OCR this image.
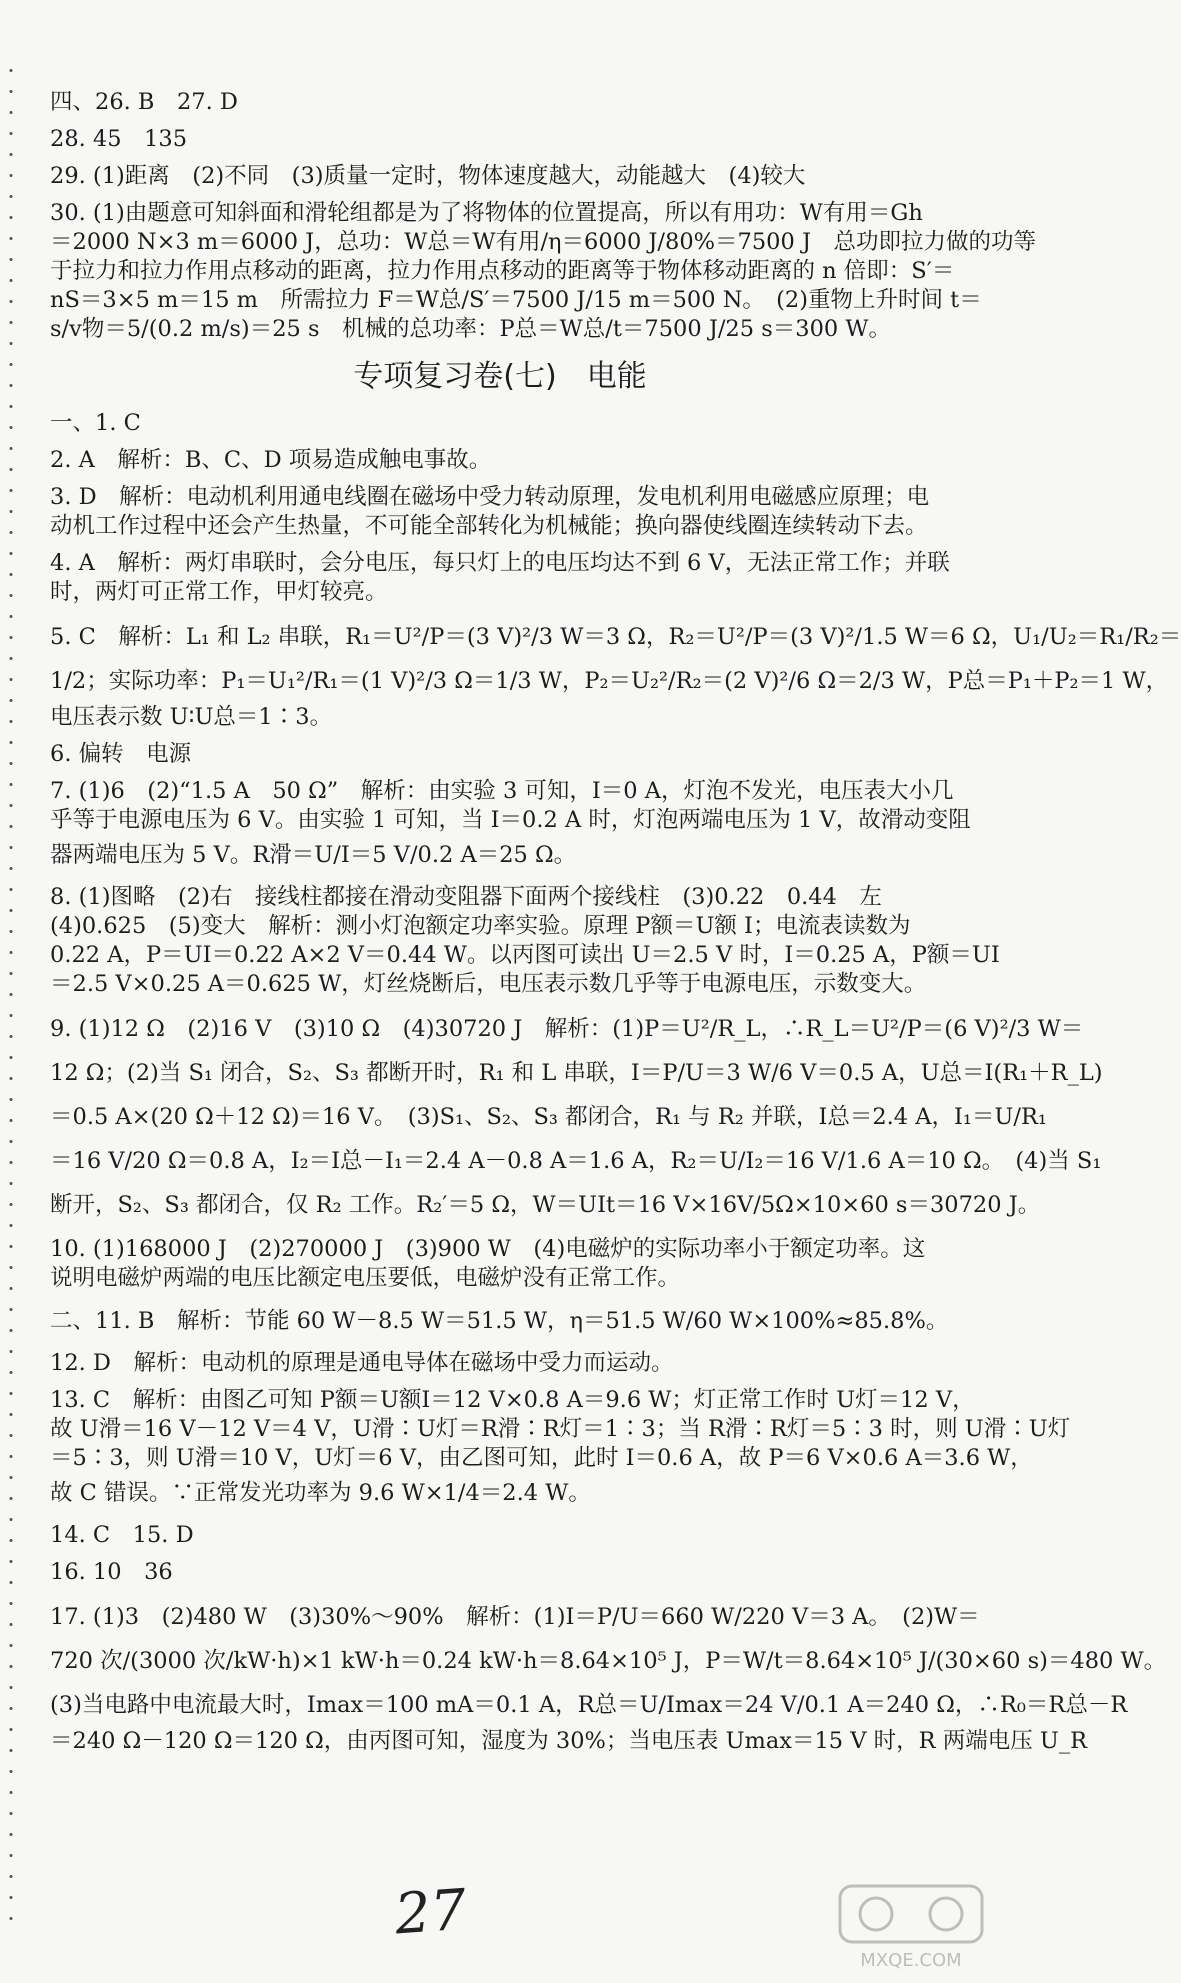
四、26. B　27. D
28. 45　135
29. (1)距离　(2)不同　(3)质量一定时，物体速度越大，动能越大　(4)较大
30. (1)由题意可知斜面和滑轮组都是为了将物体的位置提高，所以有用功：W有用＝Gh
＝2000 N×3 m＝6000 J，总功：W总＝W有用/η＝6000 J/80%＝7500 J　总功即拉力做的功等
于拉力和拉力作用点移动的距离，拉力作用点移动的距离等于物体移动距离的 n 倍即：S′＝
nS＝3×5 m＝15 m　所需拉力 F＝W总/S′＝7500 J/15 m＝500 N。　(2)重物上升时间 t＝
s/v物＝5/(0.2 m/s)＝25 s　机械的总功率：P总＝W总/t＝7500 J/25 s＝300 W。
专项复习卷(七)　电能
一、1. C
2. A　解析：B、C、D 项易造成触电事故。
3. D　解析：电动机利用通电线圈在磁场中受力转动原理，发电机利用电磁感应原理；电
动机工作过程中还会产生热量，不可能全部转化为机械能；换向器使线圈连续转动下去。
4. A　解析：两灯串联时，会分电压，每只灯上的电压均达不到 6 V，无法正常工作；并联
时，两灯可正常工作，甲灯较亮。
5. C　解析：L₁ 和 L₂ 串联，R₁＝U²/P＝(3 V)²/3 W＝3 Ω，R₂＝U²/P＝(3 V)²/1.5 W＝6 Ω，U₁/U₂＝R₁/R₂＝
1/2；实际功率：P₁＝U₁²/R₁＝(1 V)²/3 Ω＝1/3 W，P₂＝U₂²/R₂＝(2 V)²/6 Ω＝2/3 W，P总＝P₁＋P₂＝1 W，
电压表示数 U∶U总＝1∶3。
6. 偏转　电源
7. (1)6　(2)“1.5 A　50 Ω”　解析：由实验 3 可知，I＝0 A，灯泡不发光，电压表大小几
乎等于电源电压为 6 V。由实验 1 可知，当 I＝0.2 A 时，灯泡两端电压为 1 V，故滑动变阻
器两端电压为 5 V。R滑＝U/I＝5 V/0.2 A＝25 Ω。
8. (1)图略　(2)右　接线柱都接在滑动变阻器下面两个接线柱　(3)0.22　0.44　左
(4)0.625　(5)变大　解析：测小灯泡额定功率实验。原理 P额＝U额 I；电流表读数为
0.22 A，P＝UI＝0.22 A×2 V＝0.44 W。以丙图可读出 U＝2.5 V 时，I＝0.25 A，P额＝UI
＝2.5 V×0.25 A＝0.625 W，灯丝烧断后，电压表示数几乎等于电源电压，示数变大。
9. (1)12 Ω　(2)16 V　(3)10 Ω　(4)30720 J　解析：(1)P＝U²/R_L，∴R_L＝U²/P＝(6 V)²/3 W＝
12 Ω；(2)当 S₁ 闭合，S₂、S₃ 都断开时，R₁ 和 L 串联，I＝P/U＝3 W/6 V＝0.5 A，U总＝I(R₁＋R_L)
＝0.5 A×(20 Ω＋12 Ω)＝16 V。　(3)S₁、S₂、S₃ 都闭合，R₁ 与 R₂ 并联，I总＝2.4 A，I₁＝U/R₁
＝16 V/20 Ω＝0.8 A，I₂＝I总－I₁＝2.4 A－0.8 A＝1.6 A，R₂＝U/I₂＝16 V/1.6 A＝10 Ω。　(4)当 S₁
断开，S₂、S₃ 都闭合，仅 R₂ 工作。R₂′＝5 Ω，W＝UIt＝16 V×16V/5Ω×10×60 s＝30720 J。
10. (1)168000 J　(2)270000 J　(3)900 W　(4)电磁炉的实际功率小于额定功率。这
说明电磁炉两端的电压比额定电压要低，电磁炉没有正常工作。
二、11. B　解析：节能 60 W－8.5 W＝51.5 W，η＝51.5 W/60 W×100%≈85.8%。
12. D　解析：电动机的原理是通电导体在磁场中受力而运动。
13. C　解析：由图乙可知 P额＝U额I＝12 V×0.8 A＝9.6 W；灯正常工作时 U灯＝12 V，
故 U滑＝16 V－12 V＝4 V，U滑∶U灯＝R滑∶R灯＝1∶3；当 R滑∶R灯＝5∶3 时，则 U滑∶U灯
＝5∶3，则 U滑＝10 V，U灯＝6 V，由乙图可知，此时 I＝0.6 A，故 P＝6 V×0.6 A＝3.6 W，
故 C 错误。∵正常发光功率为 9.6 W×1/4＝2.4 W。
14. C　15. D
16. 10　36
17. (1)3　(2)480 W　(3)30%～90%　解析：(1)I＝P/U＝660 W/220 V＝3 A。　(2)W＝
720 次/(3000 次/kW·h)×1 kW·h＝0.24 kW·h＝8.64×10⁵ J，P＝W/t＝8.64×10⁵ J/(30×60 s)＝480 W。
(3)当电路中电流最大时，Imax＝100 mA＝0.1 A，R总＝U/Imax＝24 V/0.1 A＝240 Ω，∴R₀＝R总－R
＝240 Ω－120 Ω＝120 Ω，由丙图可知，湿度为 30%；当电压表 Umax＝15 V 时，R 两端电压 U_R
27
MXQE.COM
